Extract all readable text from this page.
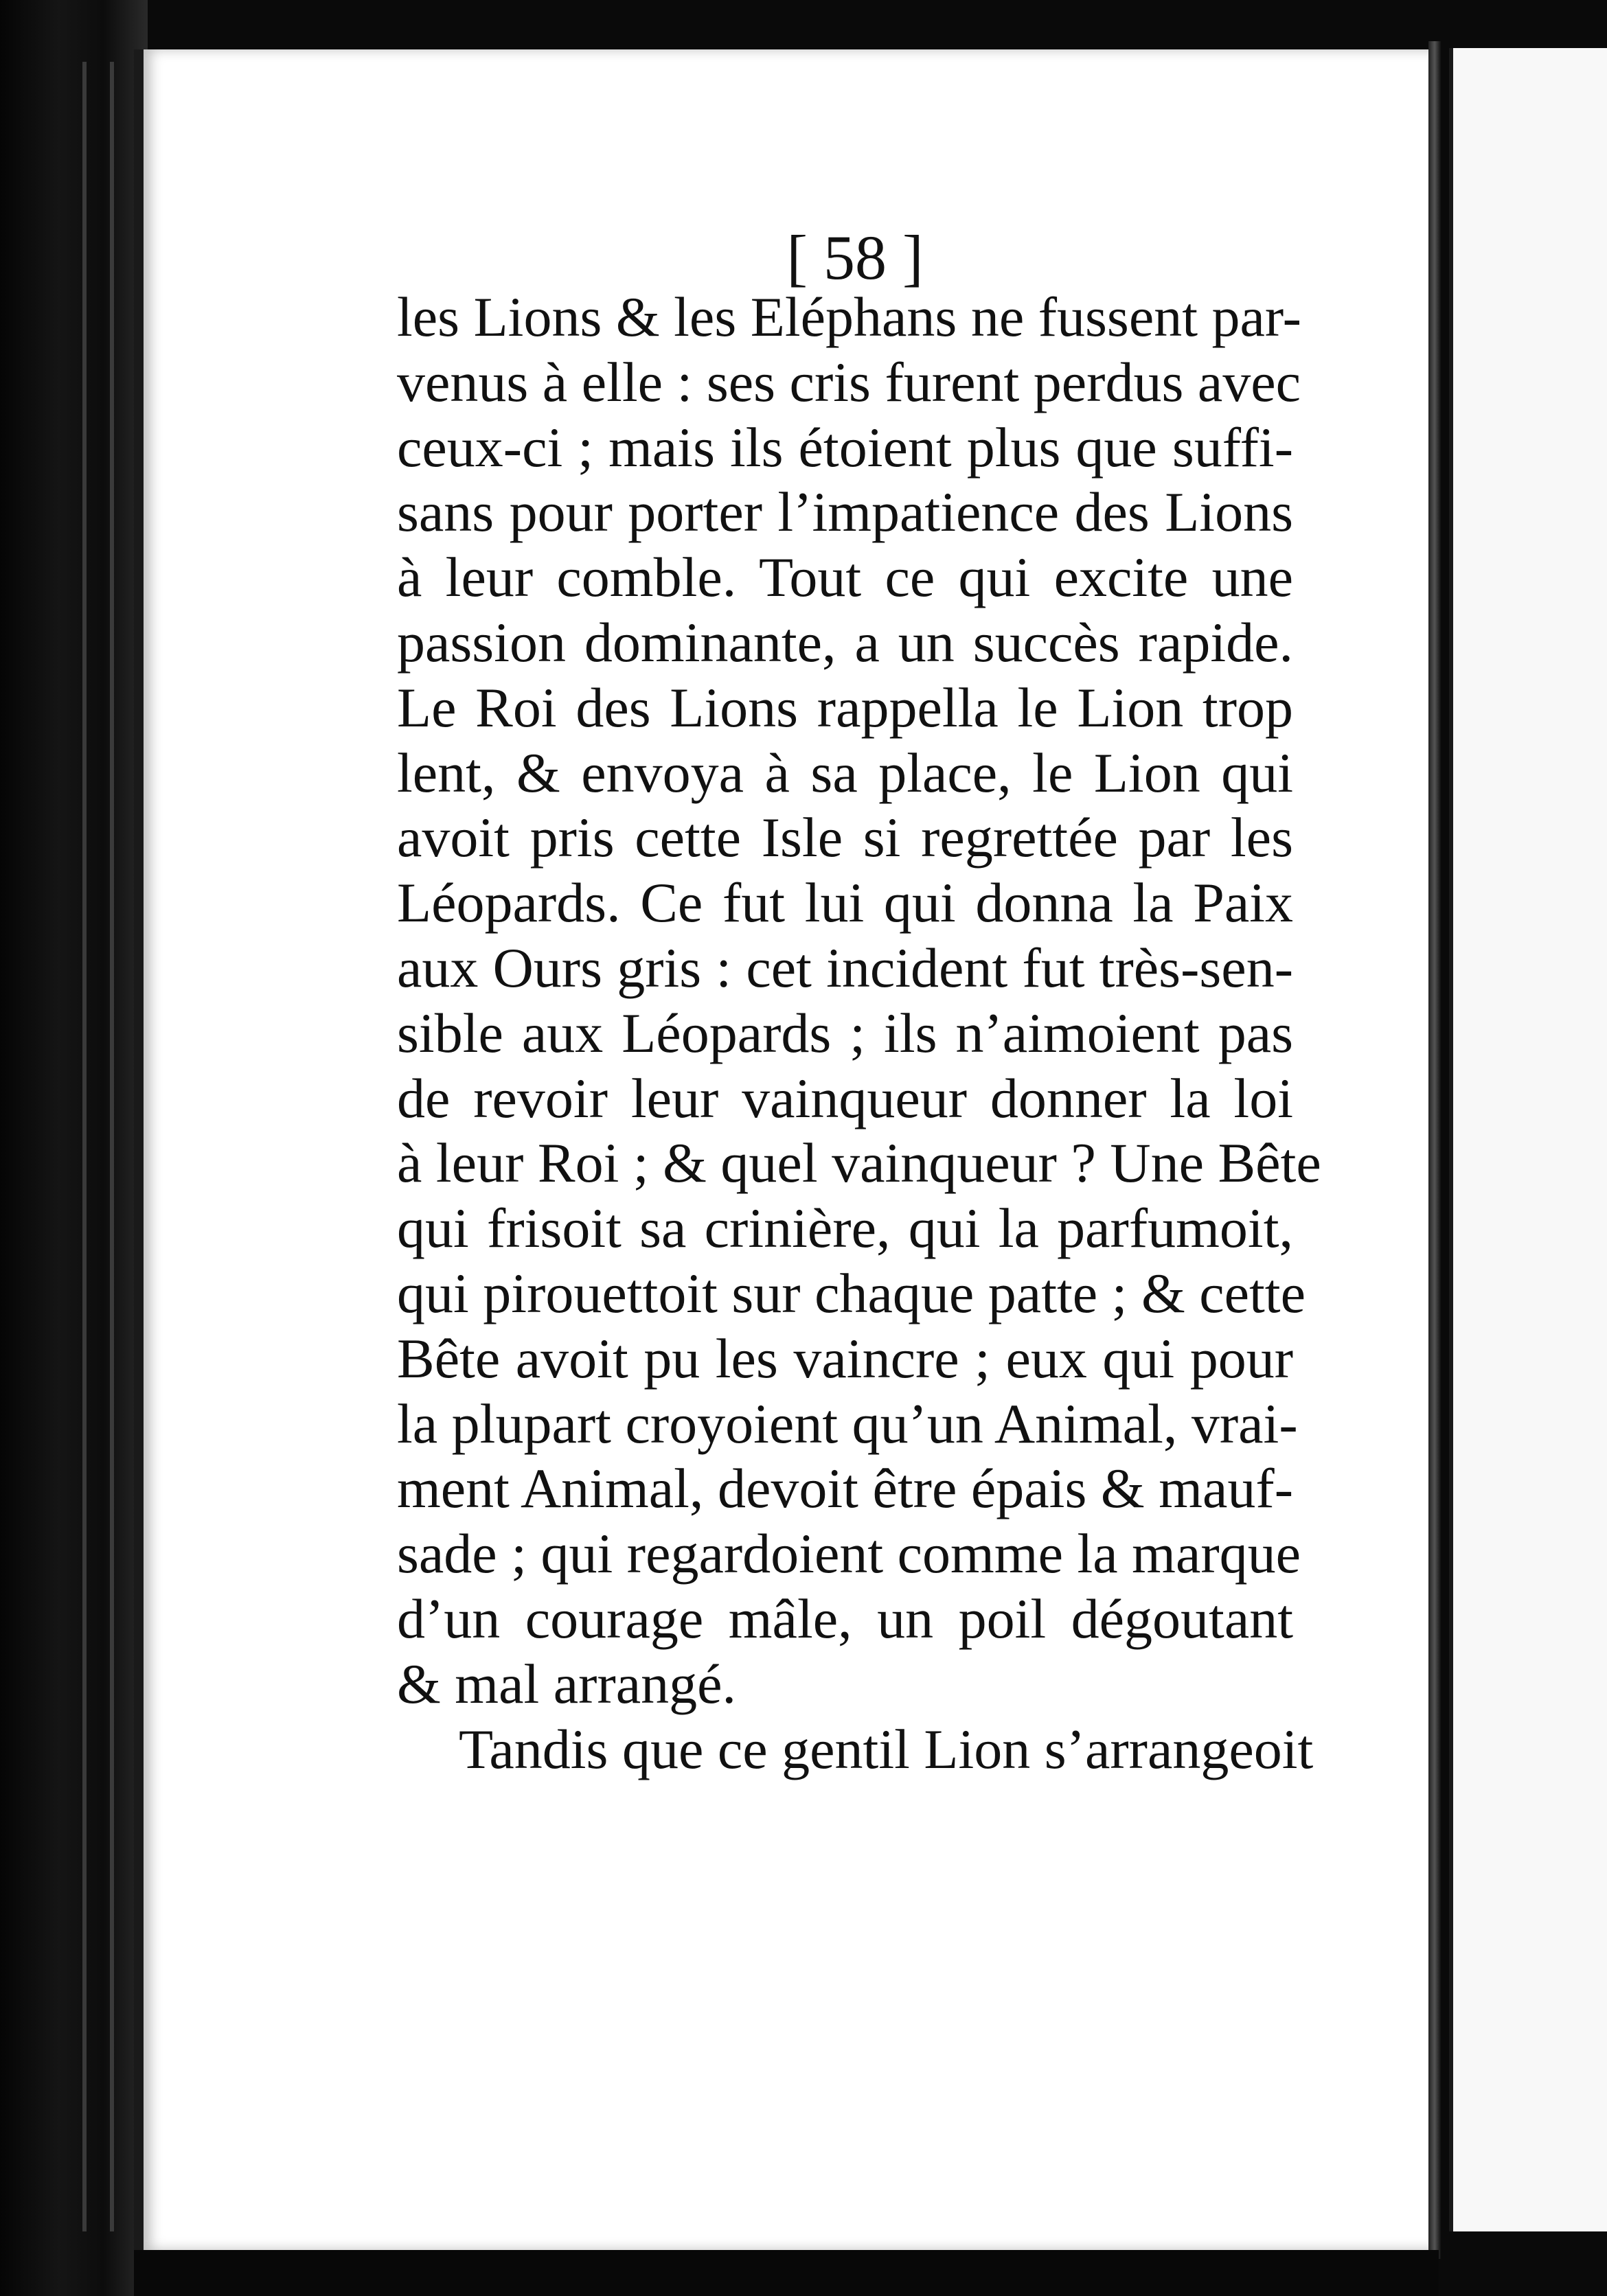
[ 58 ]
les Lions & les Eléphans ne fussent par-
venus à elle : ses cris furent perdus avec
ceux-ci ; mais ils étoient plus que suffi-
sans pour porter l’impatience des Lions
à leur comble. Tout ce qui excite une
passion dominante, a un succès rapide.
Le Roi des Lions rappella le Lion trop
lent, & envoya à sa place, le Lion qui
avoit pris cette Isle si regrettée par les
Léopards. Ce fut lui qui donna la Paix
aux Ours gris : cet incident fut très-sen-
sible aux Léopards ; ils n’aimoient pas
de revoir leur vainqueur donner la loi
à leur Roi ; & quel vainqueur ? Une Bête
qui frisoit sa crinière, qui la parfumoit,
qui pirouettoit sur chaque patte ; & cette
Bête avoit pu les vaincre ; eux qui pour
la plupart croyoient qu’un Animal, vrai-
ment Animal, devoit être épais & mauf-
sade ; qui regardoient comme la marque
d’un courage mâle, un poil dégoutant
& mal arrangé.
Tandis que ce gentil Lion s’arrangeoit
